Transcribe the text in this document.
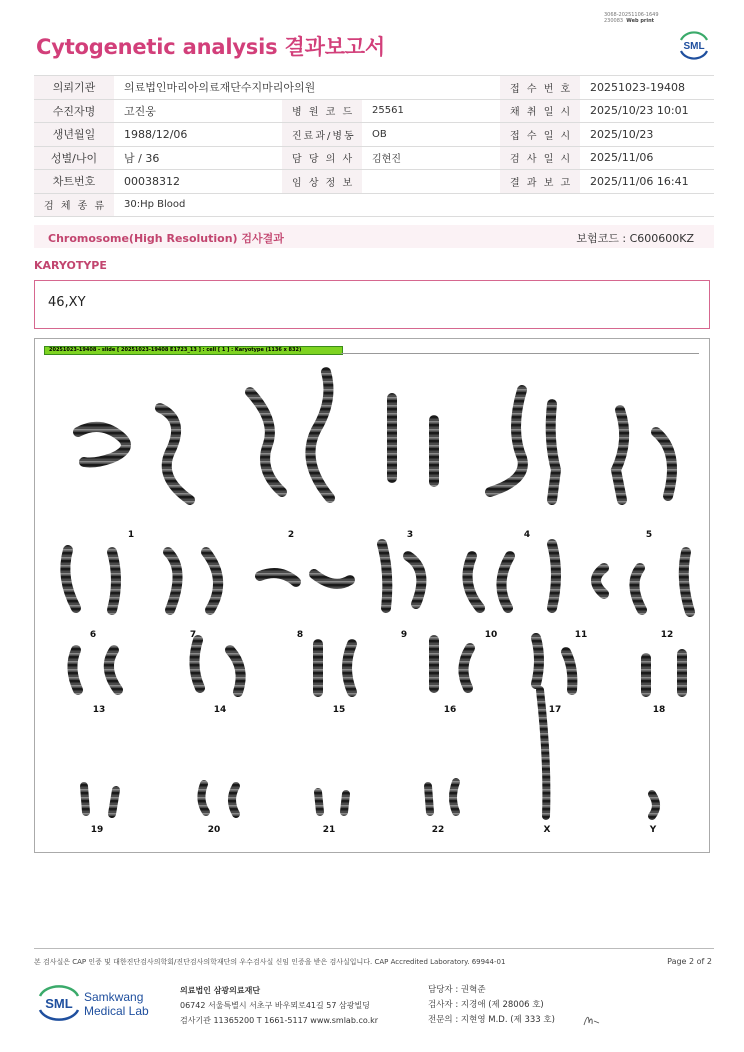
3068-20251106-1649
230083 Web print
Cytogenetic analysis 결과보고서	SML
의뢰기관	의료법인마리아의료재단수지마리아의원			접 수 번 호	20251023-19408
수진자명	고진웅	병 원 코 드	25561	채 취 일 시	2025/10/23 10:01
생년월일	1988/12/06	진료과/병동	OB	접 수 일 시	2025/10/23
성별/나이	남 / 36	담 당 의 사	김현진	검 사 일 시	2025/11/06
차트번호	00038312	임 상 정 보		결 과 보 고	2025/11/06 16:41
검 체 종 류	30:Hp Blood				
Chromosome(High Resolution) 검사결과	보험코드 : C600600KZ
KARYOTYPE
46,XY
20251023-19408 - slide [ 20251023-19408 E1723_13 ] : cell [ 1 ] : Karyotype (1136 x 832)
1	2	3	4	5
6	7	8	9	10	11	12
13	14	15	16	17	18
19	20	21	22	X	Y
본 검사실은 CAP 인증 및 대한진단검사의학회/진단검사의학재단의 우수검사실 신임 인증을 받은 검사실입니다. CAP Accredited Laboratory. 69944-01	Page 2 of 2
SML Samkwang
Medical Lab
의료법인 삼광의료재단
06742 서울특별시 서초구 바우뫼로41길 57 삼광빌딩
검사기관 11365200 T 1661-5117 www.smlab.co.kr
담당자 : 권혁준
검사자 : 지경애 (제 28006 호)
전문의 : 지현영 M.D. (제 333 호)
